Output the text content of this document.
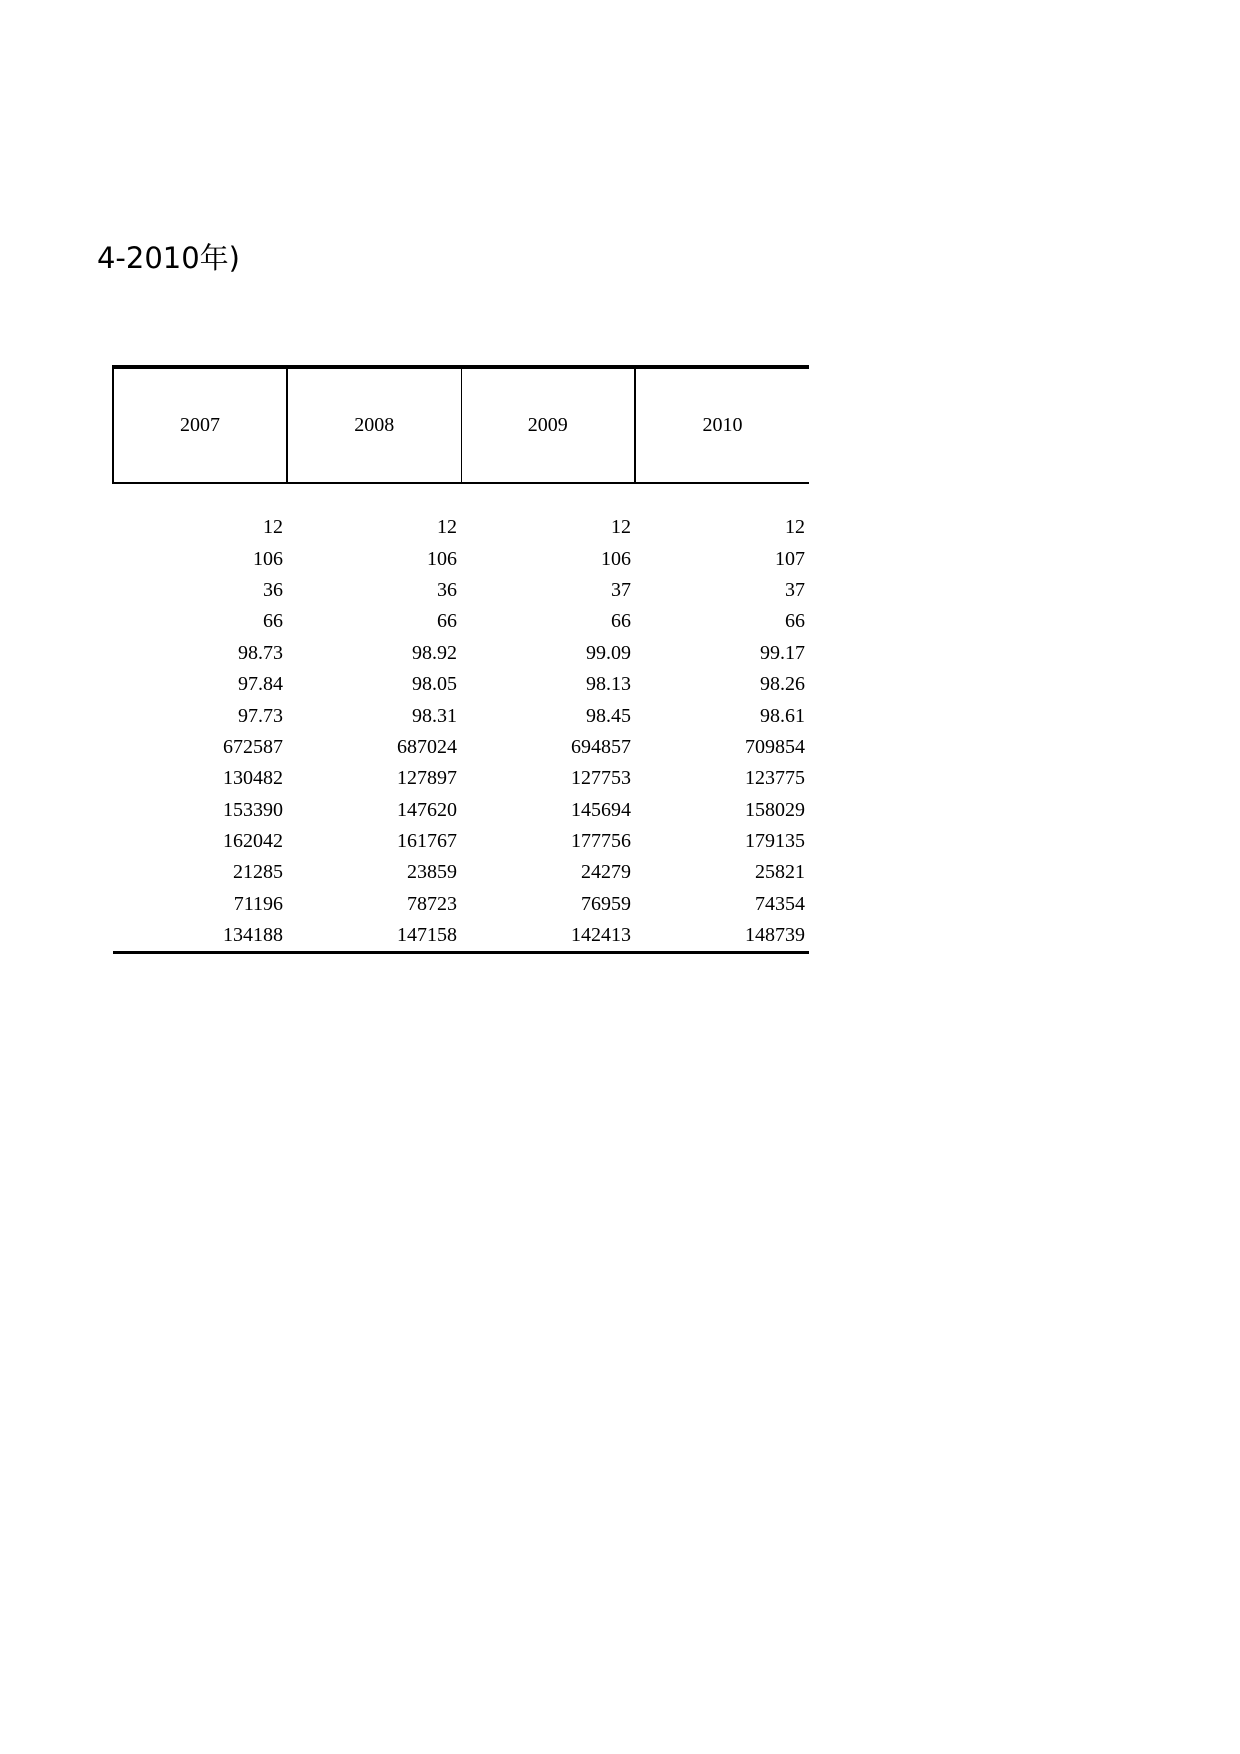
4-2010年)
2007	2008	2009	2010

12	12	12	12
106	106	106	107
36	36	37	37
66	66	66	66
98.73	98.92	99.09	99.17
97.84	98.05	98.13	98.26
97.73	98.31	98.45	98.61
672587	687024	694857	709854
130482	127897	127753	123775
153390	147620	145694	158029
162042	161767	177756	179135
21285	23859	24279	25821
71196	78723	76959	74354
134188	147158	142413	148739
